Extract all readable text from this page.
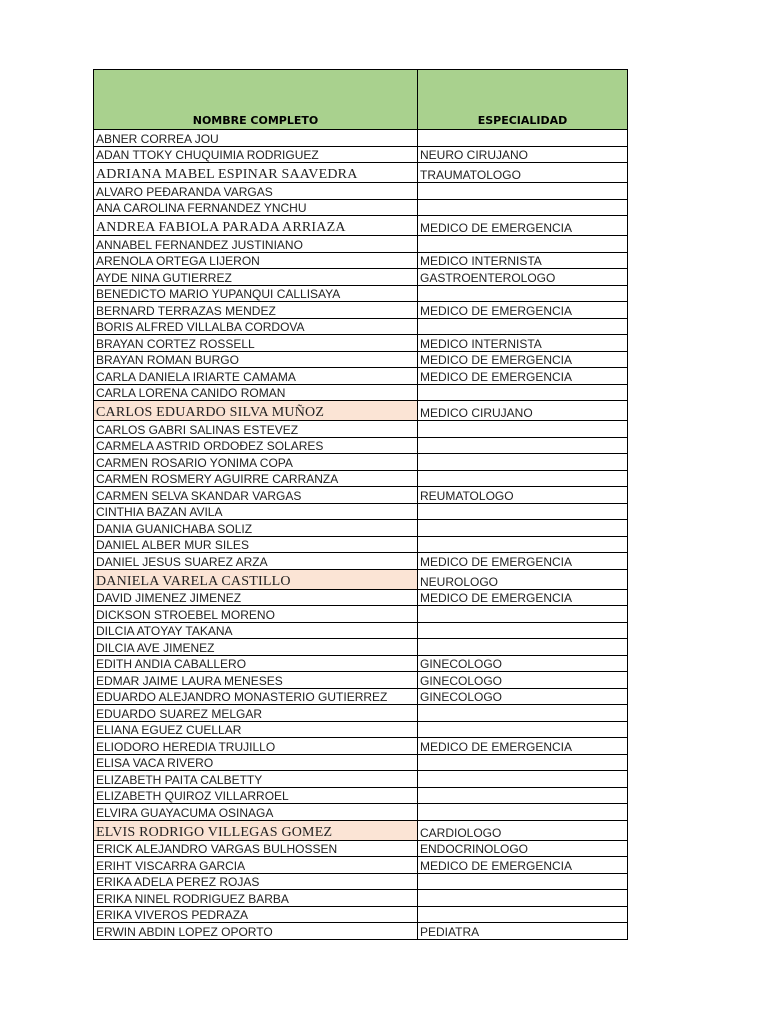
NOMBRE COMPLETO	ESPECIALIDAD
ABNER CORREA JOU	
ADAN TTOKY CHUQUIMIA RODRIGUEZ	NEURO CIRUJANO
ADRIANA MABEL ESPINAR SAAVEDRA	TRAUMATOLOGO
ALVARO PEĐARANDA VARGAS	
ANA CAROLINA FERNANDEZ YNCHU	
ANDREA FABIOLA PARADA ARRIAZA	MEDICO DE EMERGENCIA
ANNABEL FERNANDEZ JUSTINIANO	
ARENOLA ORTEGA LIJERON	MEDICO INTERNISTA
AYDE NINA GUTIERREZ	GASTROENTEROLOGO
BENEDICTO MARIO YUPANQUI CALLISAYA	
BERNARD TERRAZAS MENDEZ	MEDICO DE EMERGENCIA
BORIS ALFRED VILLALBA CORDOVA	
BRAYAN CORTEZ ROSSELL	MEDICO INTERNISTA
BRAYAN ROMAN BURGO	MEDICO DE EMERGENCIA
CARLA DANIELA IRIARTE CAMAMA	MEDICO DE EMERGENCIA
CARLA LORENA CANIDO ROMAN	
CARLOS EDUARDO SILVA MUÑOZ	MEDICO CIRUJANO
CARLOS GABRI SALINAS ESTEVEZ	
CARMELA ASTRID ORDOĐEZ SOLARES	
CARMEN ROSARIO YONIMA COPA	
CARMEN ROSMERY AGUIRRE CARRANZA	
CARMEN SELVA SKANDAR VARGAS	REUMATOLOGO
CINTHIA BAZAN AVILA	
DANIA GUANICHABA SOLIZ	
DANIEL ALBER MUR SILES	
DANIEL JESUS SUAREZ ARZA	MEDICO DE EMERGENCIA
DANIELA VARELA CASTILLO	NEUROLOGO
DAVID JIMENEZ JIMENEZ	MEDICO DE EMERGENCIA
DICKSON STROEBEL MORENO	
DILCIA ATOYAY TAKANA	
DILCIA AVE JIMENEZ	
EDITH ANDIA CABALLERO	GINECOLOGO
EDMAR JAIME LAURA MENESES	GINECOLOGO
EDUARDO ALEJANDRO MONASTERIO GUTIERREZ	GINECOLOGO
EDUARDO SUAREZ MELGAR	
ELIANA EGUEZ CUELLAR	
ELIODORO HEREDIA TRUJILLO	MEDICO DE EMERGENCIA
ELISA VACA RIVERO	
ELIZABETH PAITA CALBETTY	
ELIZABETH QUIROZ VILLARROEL	
ELVIRA GUAYACUMA OSINAGA	
ELVIS RODRIGO VILLEGAS GOMEZ	CARDIOLOGO
ERICK ALEJANDRO VARGAS BULHOSSEN	ENDOCRINOLOGO
ERIHT VISCARRA GARCIA	MEDICO DE EMERGENCIA
ERIKA ADELA PEREZ ROJAS	
ERIKA NINEL RODRIGUEZ BARBA	
ERIKA VIVEROS PEDRAZA	
ERWIN ABDIN LOPEZ OPORTO	PEDIATRA
